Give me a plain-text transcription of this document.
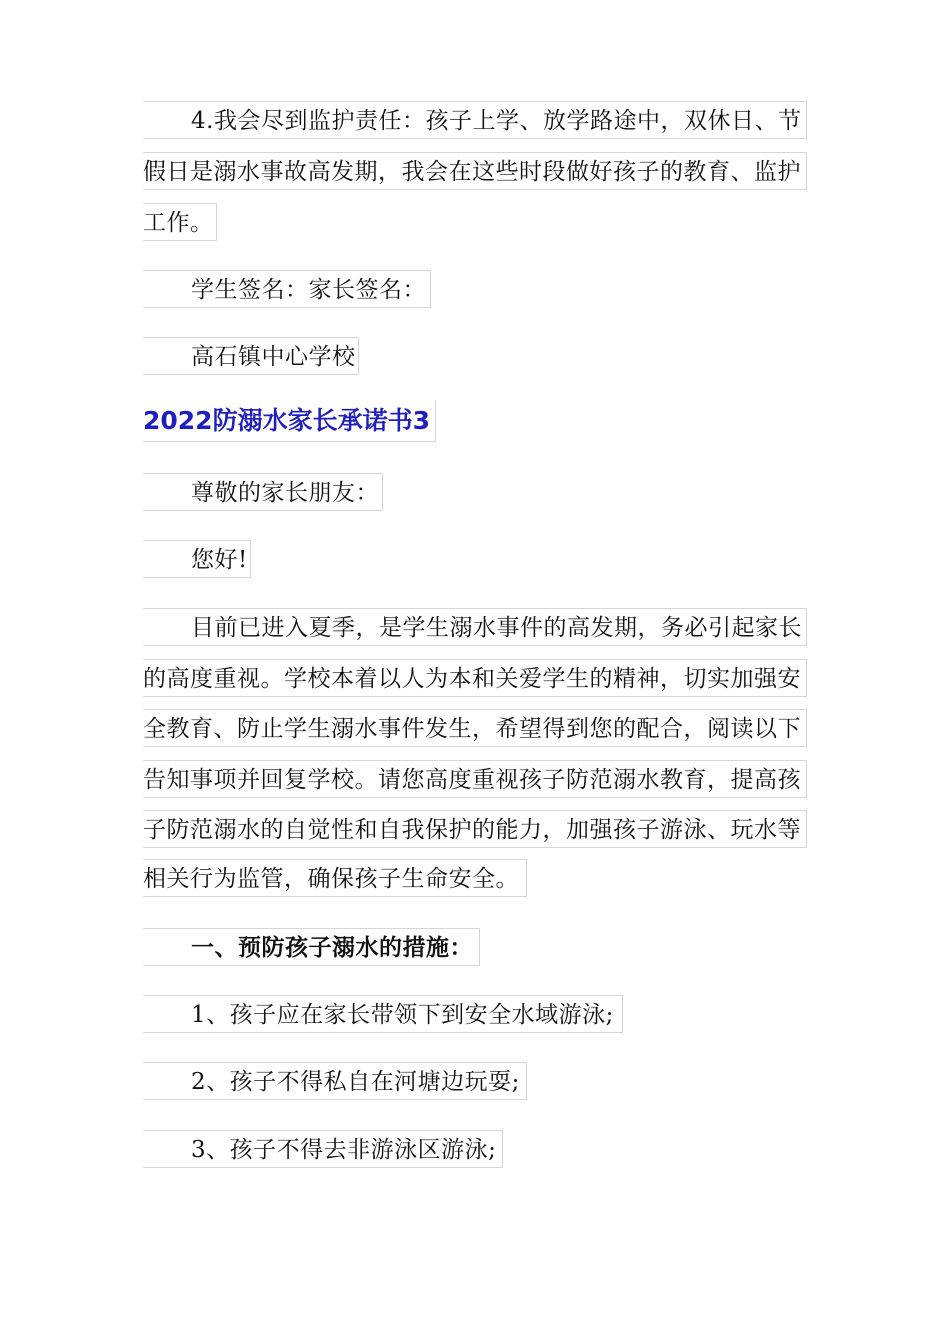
4.我会尽到监护责任：孩子上学、放学路途中，双休日、节
假日是溺水事故高发期，我会在这些时段做好孩子的教育、监护
工作。
学生签名：家长签名：
高石镇中心学校
2022防溺水家长承诺书3
尊敬的家长朋友：
您好!
目前已进入夏季，是学生溺水事件的高发期，务必引起家长
的高度重视。学校本着以人为本和关爱学生的精神，切实加强安
全教育、防止学生溺水事件发生，希望得到您的配合，阅读以下
告知事项并回复学校。请您高度重视孩子防范溺水教育，提高孩
子防范溺水的自觉性和自我保护的能力，加强孩子游泳、玩水等
相关行为监管，确保孩子生命安全。
一、预防孩子溺水的措施：
1、孩子应在家长带领下到安全水域游泳;
2、孩子不得私自在河塘边玩耍;
3、孩子不得去非游泳区游泳;
